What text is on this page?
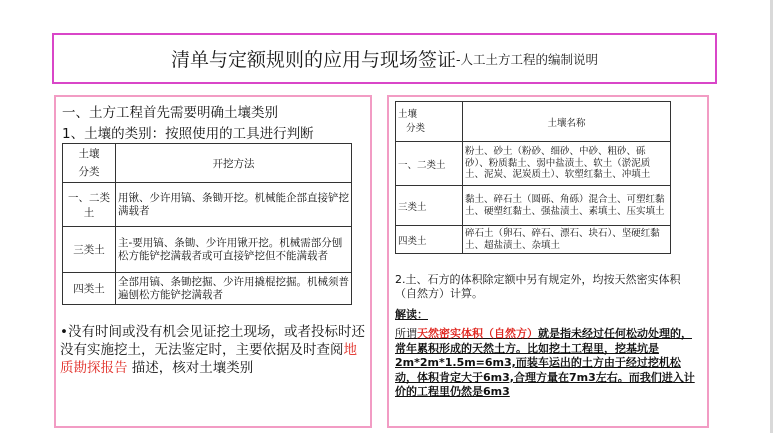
清单与定额规则的应用与现场签证 -人工土方工程的编制说明
一、土方工程首先需要明确土壤类别
1、土壤的类别：按照使用的工具进行判断
土壤
分类	开挖方法
一、二类土	用锹、少许用镐、条锄开挖。机械能企部直接铲挖满载者
三类土	主-要用镐、条锄、少许用锹开挖。机械需部分刨松方能铲挖满载者或可直接铲挖但不能满载者
四类土	全部用镐、条锄挖掘、少许用撬棍挖掘。机械须普遍刨松方能铲挖满载者
•没有时间或没有机会见证挖土现场，或者投标时还没有实施挖土，无法鉴定时，主要依据及时查阅地质勘探报告 描述，核对土壤类别
土壤
分类	土壤名称
一、二类土	粉土、砂土（粉砂、细砂、中砂、粗砂、砾砂）、粉质黏土、弱中盐渍土、软土（淤泥质土、泥炭、泥炭质土）、软塑红黏土、冲填土
三类土	黏土、碎石土（圆砾、角砾）混合土、可塑红黏土、硬塑红黏土、强盐渍土、素填土、压实填土
四类土	碎石土（卵石、碎石、漂石、块石）、坚硬红黏土、超盐渍土、杂填土
2.土、石方的体积除定额中另有规定外，均按天然密实体积（自然方）计算。
解读：
所谓天然密实体积（自然方）就是指未经过任何松动处理的，常年累积形成的天然土方。比如挖土工程里，挖基坑是2m*2m*1.5m=6m3,而装车运出的土方由于经过挖机松动，体积肯定大于6m3,合理方量在7m3左右。而我们进入计价的工程里仍然是6m3
